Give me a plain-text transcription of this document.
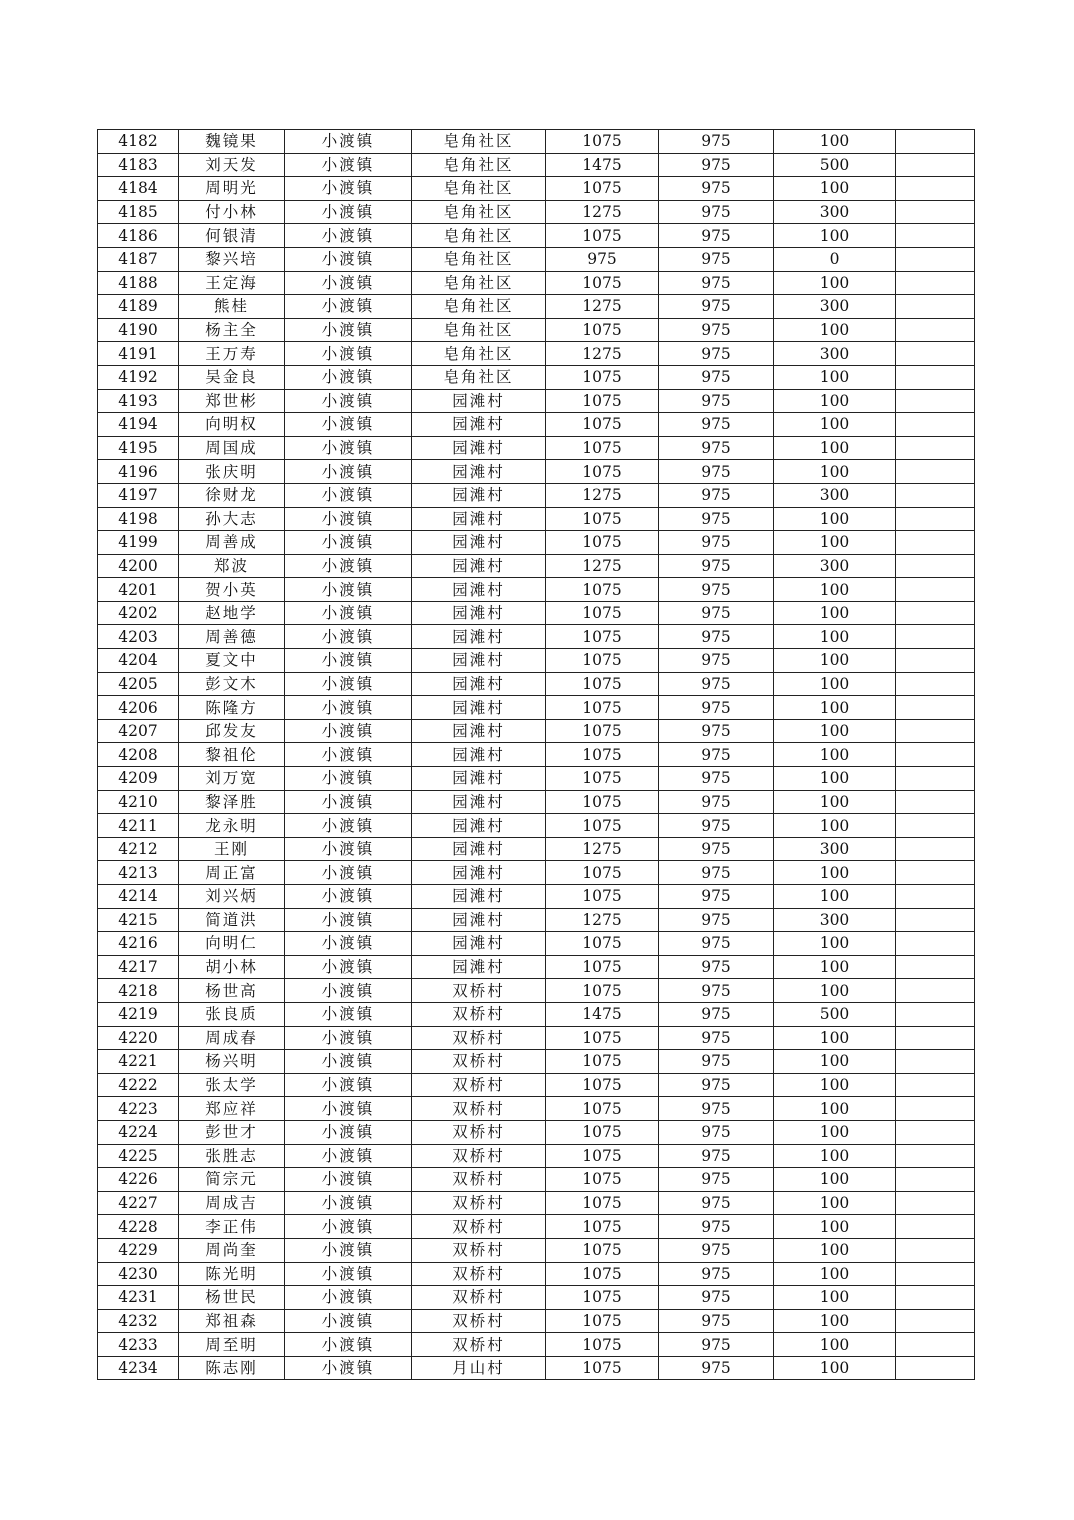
4182	魏镜果	小渡镇	皂角社区	1075	975	100	
4183	刘天发	小渡镇	皂角社区	1475	975	500	
4184	周明光	小渡镇	皂角社区	1075	975	100	
4185	付小林	小渡镇	皂角社区	1275	975	300	
4186	何银清	小渡镇	皂角社区	1075	975	100	
4187	黎兴培	小渡镇	皂角社区	975	975	0	
4188	王定海	小渡镇	皂角社区	1075	975	100	
4189	熊桂	小渡镇	皂角社区	1275	975	300	
4190	杨主全	小渡镇	皂角社区	1075	975	100	
4191	王万寿	小渡镇	皂角社区	1275	975	300	
4192	吴金良	小渡镇	皂角社区	1075	975	100	
4193	郑世彬	小渡镇	园滩村	1075	975	100	
4194	向明权	小渡镇	园滩村	1075	975	100	
4195	周国成	小渡镇	园滩村	1075	975	100	
4196	张庆明	小渡镇	园滩村	1075	975	100	
4197	徐财龙	小渡镇	园滩村	1275	975	300	
4198	孙大志	小渡镇	园滩村	1075	975	100	
4199	周善成	小渡镇	园滩村	1075	975	100	
4200	郑波	小渡镇	园滩村	1275	975	300	
4201	贺小英	小渡镇	园滩村	1075	975	100	
4202	赵地学	小渡镇	园滩村	1075	975	100	
4203	周善德	小渡镇	园滩村	1075	975	100	
4204	夏文中	小渡镇	园滩村	1075	975	100	
4205	彭文木	小渡镇	园滩村	1075	975	100	
4206	陈隆方	小渡镇	园滩村	1075	975	100	
4207	邱发友	小渡镇	园滩村	1075	975	100	
4208	黎祖伦	小渡镇	园滩村	1075	975	100	
4209	刘万宽	小渡镇	园滩村	1075	975	100	
4210	黎泽胜	小渡镇	园滩村	1075	975	100	
4211	龙永明	小渡镇	园滩村	1075	975	100	
4212	王刚	小渡镇	园滩村	1275	975	300	
4213	周正富	小渡镇	园滩村	1075	975	100	
4214	刘兴炳	小渡镇	园滩村	1075	975	100	
4215	简道洪	小渡镇	园滩村	1275	975	300	
4216	向明仁	小渡镇	园滩村	1075	975	100	
4217	胡小林	小渡镇	园滩村	1075	975	100	
4218	杨世高	小渡镇	双桥村	1075	975	100	
4219	张良质	小渡镇	双桥村	1475	975	500	
4220	周成春	小渡镇	双桥村	1075	975	100	
4221	杨兴明	小渡镇	双桥村	1075	975	100	
4222	张太学	小渡镇	双桥村	1075	975	100	
4223	郑应祥	小渡镇	双桥村	1075	975	100	
4224	彭世才	小渡镇	双桥村	1075	975	100	
4225	张胜志	小渡镇	双桥村	1075	975	100	
4226	简宗元	小渡镇	双桥村	1075	975	100	
4227	周成吉	小渡镇	双桥村	1075	975	100	
4228	李正伟	小渡镇	双桥村	1075	975	100	
4229	周尚奎	小渡镇	双桥村	1075	975	100	
4230	陈光明	小渡镇	双桥村	1075	975	100	
4231	杨世民	小渡镇	双桥村	1075	975	100	
4232	郑祖森	小渡镇	双桥村	1075	975	100	
4233	周至明	小渡镇	双桥村	1075	975	100	
4234	陈志刚	小渡镇	月山村	1075	975	100	
